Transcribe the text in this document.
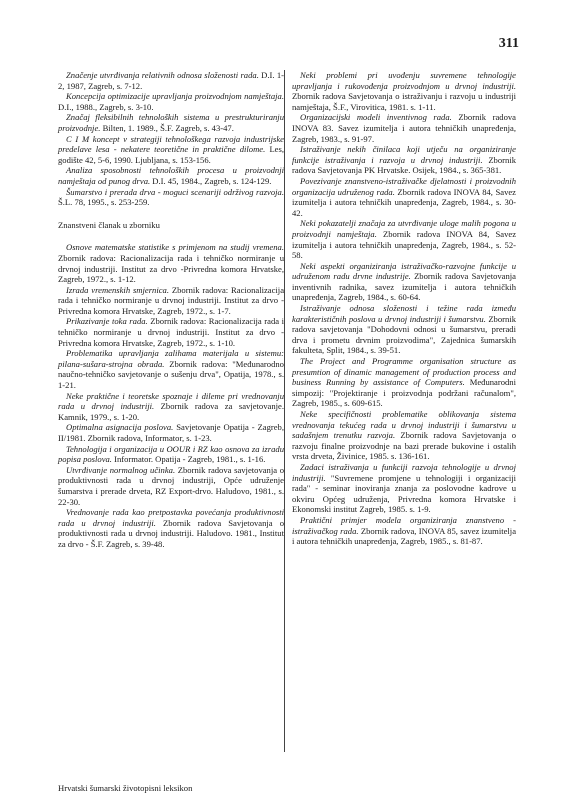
311
Značenje utvrđivanja relativnih odnosa složenosti rada. D.I. 1-2, 1987, Zagreb, s. 7-12.
Koncepcija optimizacije upravljanja proizvodnjom namještaja. D.I., 1988., Zagreb, s. 3-10.
Značaj fleksibilnih tehnoloških sistema u prestrukturiranju proizvodnje. Bilten, 1. 1989., Š.F. Zagreb, s. 43-47.
C I M koncept v strategiji tehnološkega razvoja industrijske predelave lesa - nekatere teoretične in praktične dilome. Les, godište 42, 5-6, 1990. Ljubljana, s. 153-156.
Analiza sposobnosti tehnoloških procesa u proizvodnji namještaja od punog drva. D.I. 45, 1984., Zagreb, s. 124-129.
Šumarstvo i prerada drva - moguci scenariji održivog razvoja. Š.L. 78, 1995., s. 253-259.
Znanstveni članak u zborniku
Osnove matematske statistike s primjenom na studij vremena. Zbornik radova: Racionalizacija rada i tehničko normiranje u drvnoj industriji. Institut za drvo -Privredna komora Hrvatske, Zagreb, 1972., s. 1-12.
Izrada vremenskih smjernica. Zbornik radova: Racionalizacija rada i tehničko normiranje u drvnoj industriji. Institut za drvo - Privredna komora Hrvatske, Zagreb, 1972., s. 1-7.
Prikazivanje toka rada. Zbornik radova: Racionalizacija rada i tehničko normiranje u drvnoj industriji. Institut za drvo - Privredna komora Hrvatske, Zagreb, 1972., s. 1-10.
Problematika upravljanja zalihama materijala u sistemu: pilana-sušara-strojna obrada. Zbornik radova: "Međunarodno naučno-tehničko savjetovanje o sušenju drva", Opatija, 1978., s. 1-21.
Neke praktične i teoretske spoznaje i dileme pri vrednovanju rada u drvnoj industriji. Zbornik radova za savjetovanje. Kamnik, 1979., s. 1-20.
Optimalna asignacija poslova. Savjetovanje Opatija - Zagreb, II/1981. Zbornik radova, Informator, s. 1-23.
Tehnologija i organizacija u OOUR i RZ kao osnova za izradu popisa poslova. Informator. Opatija - Zagreb, 1981., s. 1-16.
Utvrđivanje normalnog učinka. Zbornik radova savjetovanja o produktivnosti rada u drvnoj industriji, Opće udruženje šumarstva i prerade drveta, RZ Export-drvo. Haludovo, 1981., s. 22-30.
Vrednovanje rada kao pretpostavka povećanja produktivnosti rada u drvnoj industriji. Zbornik radova Savjetovanja o produktivnosti rada u drvnoj industriji. Haludovo. 1981., Institut za drvo - Š.F. Zagreb, s. 39-48.
Neki problemi pri uvođenju suvremene tehnologije upravljanja i rukovođenja proizvodnjom u drvnoj industriji. Zbornik radova Savjetovanja o istraživanju i razvoju u industriji namještaja, Š.F., Virovitica, 1981. s. 1-11.
Organizacijski modeli inventivnog rada. Zbornik radova INOVA 83. Savez izumitelja i autora tehničkih unapređenja, Zagreb, 1983., s. 91-97.
Istraživanje nekih činilaca koji utječu na organiziranje funkcije istraživanja i razvoja u drvnoj industriji. Zbornik radova Savjetovanja PK Hrvatske. Osijek, 1984., s. 365-381.
Povezivanje znanstveno-istraživačke djelatnosti i proizvodnih organizacija udruženog rada. Zbornik radova INOVA 84, Savez izumitelja i autora tehničkih unapređenja, Zagreb, 1984., s. 30-42.
Neki pokazatelji značaja za utvrđivanje uloge malih pogona u proizvodnji namještaja. Zbornik radova INOVA 84, Savez izumitelja i autora tehničkih unapređenja, Zagreb, 1984., s. 52-58.
Neki aspekti organiziranja istraživačko-razvojne funkcije u udruženom radu drvne industrije. Zbornik radova Savjetovanja inventivnih radnika, savez izumitelja i autora tehničkih unapređenja, Zagreb, 1984., s. 60-64.
Istraživanje odnosa složenosti i težine rada između karakterističnih poslova u drvnoj industriji i šumarstvu. Zbornik radova savjetovanja "Dohodovni odnosi u šumarstvu, preradi drva i prometu drvnim proizvodima", Zajednica šumarskih fakulteta, Split, 1984., s. 39-51.
The Project and Programme organisation structure as presumtion of dinamic management of production process and business Running by assistance of Computers. Međunarodni simpozij: "Projektiranje i proizvodnja podržani računalom", Zagreb, 1985., s. 609-615.
Neke specifičnosti problematike oblikovanja sistema vrednovanja tekućeg rada u drvnoj industriji i šumarstvu u sadašnjem trenutku razvoja. Zbornik radova Savjetovanja o razvoju finalne proizvodnje na bazi prerade bukovine i ostalih vrsta drveta, Živinice, 1985. s. 136-161.
Zadaci istraživanja u funkciji razvoja tehnologije u drvnoj industriji. "Suvremene promjene u tehnologiji i organizaciji rada" - seminar inoviranja znanja za poslovodne kadrove u okviru Općeg udruženja, Privredna komora Hrvatske i Ekonomski institut Zagreb, 1985. s. 1-9.
Praktični primjer modela organiziranja znanstveno - istraživačkog rada. Zbornik radova, INOVA 85, savez izumitelja i autora tehničkih unapređenja, Zagreb, 1985., s. 81-87.
Hrvatski šumarski životopisni leksikon
